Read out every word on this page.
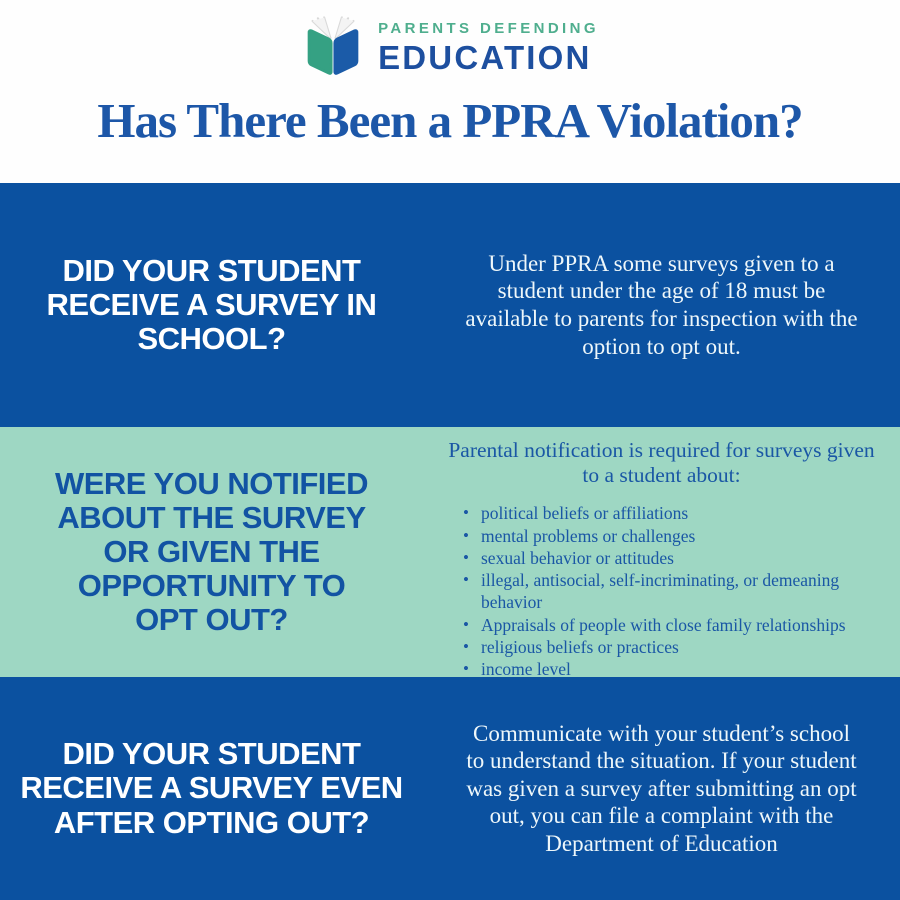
PARENTS DEFENDING
EDUCATION
Has There Been a PPRA Violation?
DID YOUR STUDENT RECEIVE A SURVEY IN SCHOOL?

Under PPRA some surveys given to a student under the age of 18 must be available to parents for inspection with the option to opt out.

WERE YOU NOTIFIED ABOUT THE SURVEY OR GIVEN THE OPPORTUNITY TO OPT OUT?

Parental notification is required for surveys given to a student about:

• political beliefs or affiliations
• mental problems or challenges
• sexual behavior or attitudes
• illegal, antisocial, self-incriminating, or demeaning behavior
• Appraisals of people with close family relationships
• religious beliefs or practices
• income level
DID YOUR STUDENT RECEIVE A SURVEY EVEN AFTER OPTING OUT?

Communicate with your student’s school to understand the situation. If your student was given a survey after submitting an opt out, you can file a complaint with the Department of Education
